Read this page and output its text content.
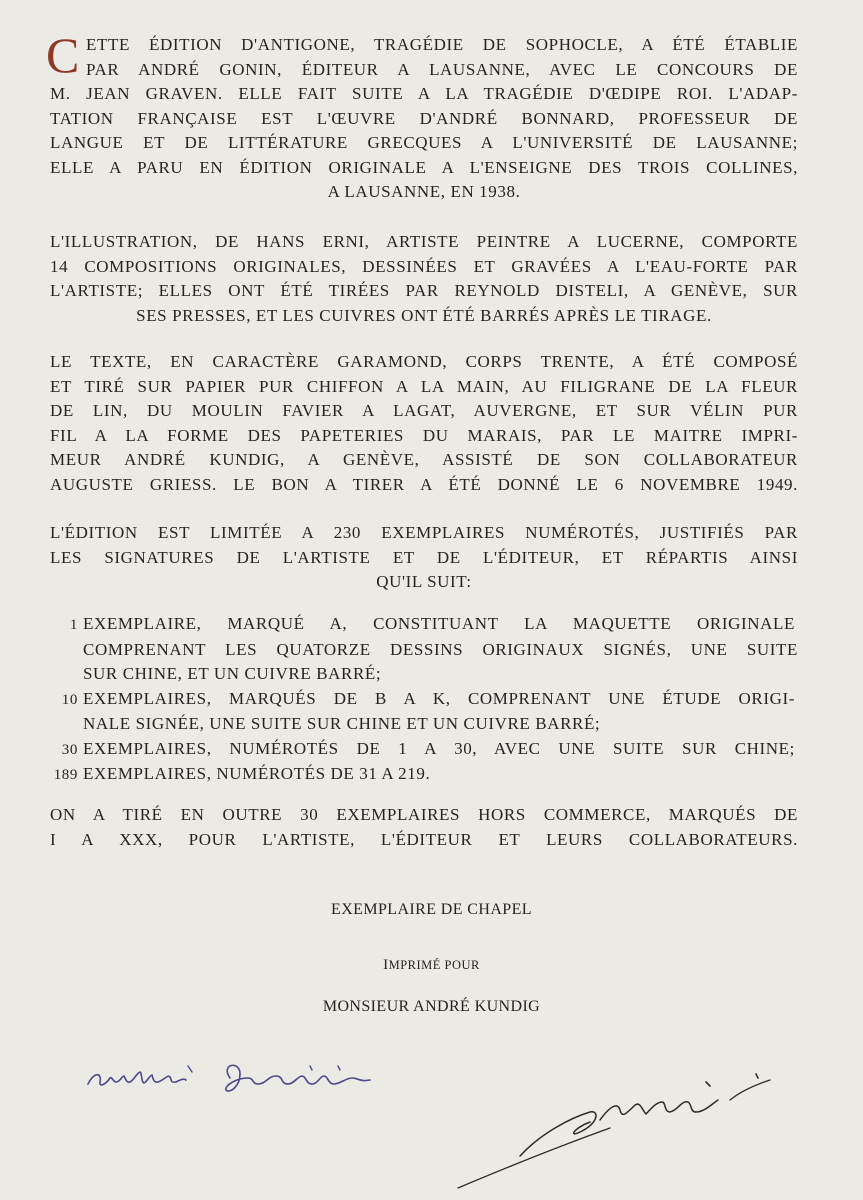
C ETTE ÉDITION D'ANTIGONE, TRAGÉDIE DE SOPHOCLE, A ÉTÉ ÉTABLIE
PAR ANDRÉ GONIN, ÉDITEUR A LAUSANNE, AVEC LE CONCOURS DE
M. JEAN GRAVEN. ELLE FAIT SUITE A LA TRAGÉDIE D'ŒDIPE ROI. L'ADAP-
TATION FRANÇAISE EST L'ŒUVRE D'ANDRÉ BONNARD, PROFESSEUR DE
LANGUE ET DE LITTÉRATURE GRECQUES A L'UNIVERSITÉ DE LAUSANNE;
ELLE A PARU EN ÉDITION ORIGINALE A L'ENSEIGNE DES TROIS COLLINES,
A LAUSANNE, EN 1938.
L'ILLUSTRATION, DE HANS ERNI, ARTISTE PEINTRE A LUCERNE, COMPORTE
14 COMPOSITIONS ORIGINALES, DESSINÉES ET GRAVÉES A L'EAU-FORTE PAR
L'ARTISTE; ELLES ONT ÉTÉ TIRÉES PAR REYNOLD DISTELI, A GENÈVE, SUR
SES PRESSES, ET LES CUIVRES ONT ÉTÉ BARRÉS APRÈS LE TIRAGE.
LE TEXTE, EN CARACTÈRE GARAMOND, CORPS TRENTE, A ÉTÉ COMPOSÉ
ET TIRÉ SUR PAPIER PUR CHIFFON A LA MAIN, AU FILIGRANE DE LA FLEUR
DE LIN, DU MOULIN FAVIER A LAGAT, AUVERGNE, ET SUR VÉLIN PUR
FIL A LA FORME DES PAPETERIES DU MARAIS, PAR LE MAITRE IMPRI-
MEUR ANDRÉ KUNDIG, A GENÈVE, ASSISTÉ DE SON COLLABORATEUR
AUGUSTE GRIESS. LE BON A TIRER A ÉTÉ DONNÉ LE 6 NOVEMBRE 1949.
L'ÉDITION EST LIMITÉE A 230 EXEMPLAIRES NUMÉROTÉS, JUSTIFIÉS PAR
LES SIGNATURES DE L'ARTISTE ET DE L'ÉDITEUR, ET RÉPARTIS AINSI
QU'IL SUIT:
1 EXEMPLAIRE, MARQUÉ A, CONSTITUANT LA MAQUETTE ORIGINALE
COMPRENANT LES QUATORZE DESSINS ORIGINAUX SIGNÉS, UNE SUITE
SUR CHINE, ET UN CUIVRE BARRÉ;
10 EXEMPLAIRES, MARQUÉS DE B A K, COMPRENANT UNE ÉTUDE ORIGI-
NALE SIGNÉE, UNE SUITE SUR CHINE ET UN CUIVRE BARRÉ;
30 EXEMPLAIRES, NUMÉROTÉS DE 1 A 30, AVEC UNE SUITE SUR CHINE;
189 EXEMPLAIRES, NUMÉROTÉS DE 31 A 219.
ON A TIRÉ EN OUTRE 30 EXEMPLAIRES HORS COMMERCE, MARQUÉS DE
I A XXX, POUR L'ARTISTE, L'ÉDITEUR ET LEURS COLLABORATEURS.
EXEMPLAIRE DE CHAPEL
IMPRIMÉ POUR
MONSIEUR ANDRÉ KUNDIG
